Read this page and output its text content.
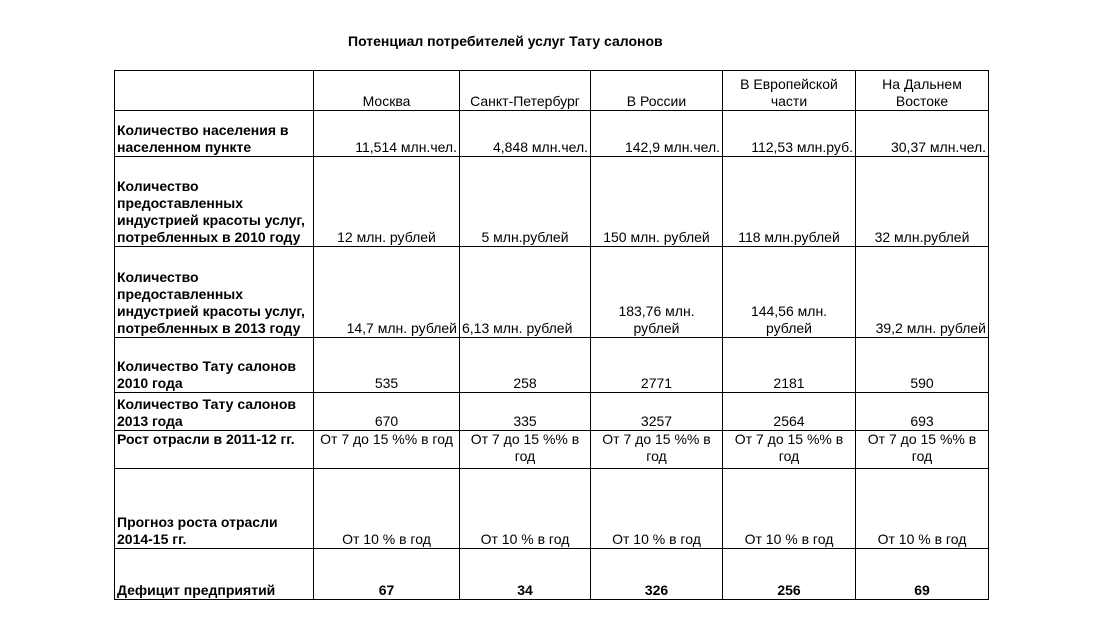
Потенциал потребителей услуг Тату салонов
	Москва	Санкт-Петербург	В России	В Европейской части	На Дальнем Востоке
Количество населения в населенном пункте	11,514 млн.чел.	4,848 млн.чел.	142,9 млн.чел.	112,53 млн.руб.	30,37 млн.чел.
Количество предоставленных индустрией красоты услуг, потребленных в 2010 году	12 млн. рублей	5 млн.рублей	150 млн. рублей	118 млн.рублей	32 млн.рублей
Количество предоставленных индустрией красоты услуг, потребленных в 2013 году	14,7 млн. рублей	6,13 млн. рублей	183,76 млн. рублей	144,56 млн. рублей	39,2 млн. рублей
Количество Тату салонов 2010 года	535	258	2771	2181	590
Количество Тату салонов 2013 года	670	335	3257	2564	693
Рост отрасли в 2011-12 гг.	От 7 до 15 %% в год	От 7 до 15 %% в год	От 7 до 15 %% в год	От 7 до 15 %% в год	От 7 до 15 %% в год
Прогноз роста отрасли 2014-15 гг.	От 10 % в год	От 10 % в год	От 10 % в год	От 10 % в год	От 10 % в год
Дефицит предприятий	67	34	326	256	69
